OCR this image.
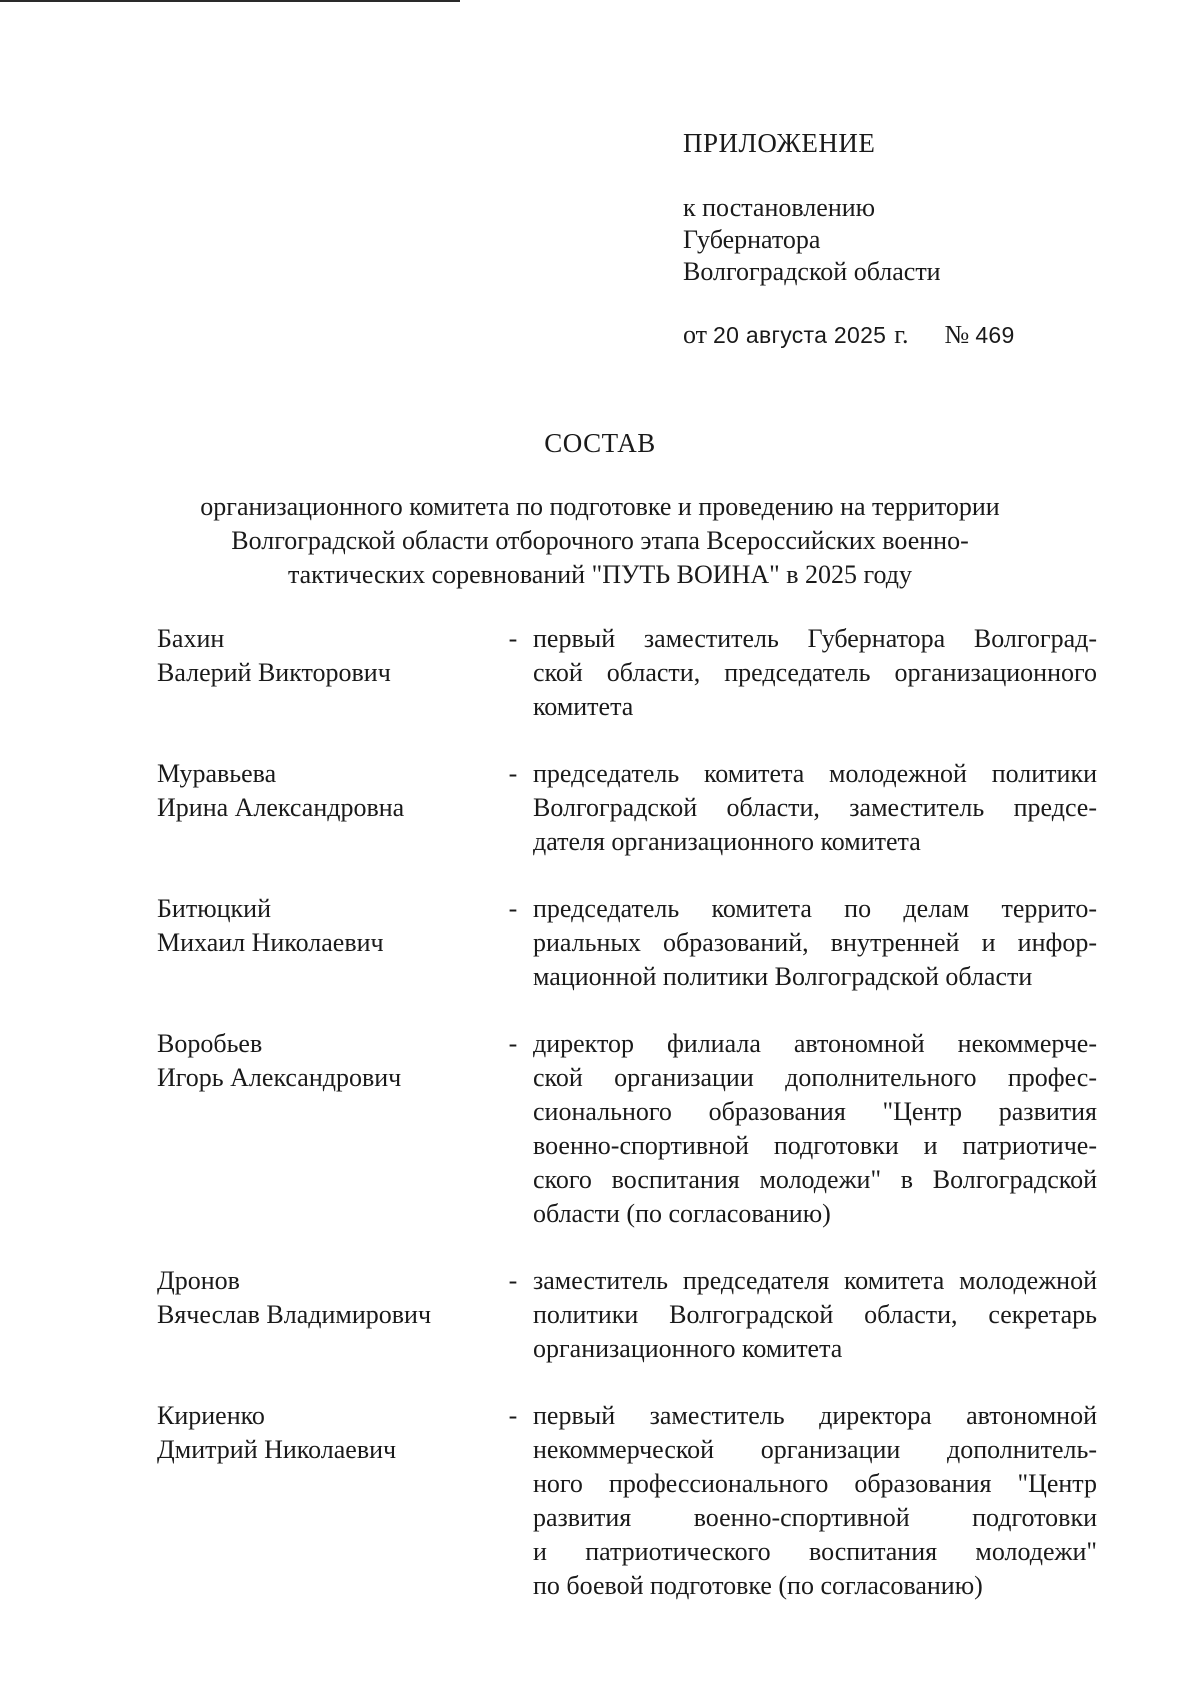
ПРИЛОЖЕНИЕ
к постановлению
Губернатора
Волгоградской области
от 20 августа 2025 г. № 469
СОСТАВ
организационного комитета по подготовке и проведению на территории
Волгоградской области отборочного этапа Всероссийских военно-
тактических соревнований "ПУТЬ ВОИНА" в 2025 году
Бахин
Валерий Викторович
- первый заместитель Губернатора Волгоград-
ской области, председатель организационного
комитета
Муравьева
Ирина Александровна
- председатель комитета молодежной политики
Волгоградской области, заместитель предсе-
дателя организационного комитета
Битюцкий
Михаил Николаевич
- председатель комитета по делам террито-
риальных образований, внутренней и инфор-
мационной политики Волгоградской области
Воробьев
Игорь Александрович
- директор филиала автономной некоммерче-
ской организации дополнительного профес-
сионального образования "Центр развития
военно-спортивной подготовки и патриотиче-
ского воспитания молодежи" в Волгоградской
области (по согласованию)
Дронов
Вячеслав Владимирович
- заместитель председателя комитета молодежной
политики Волгоградской области, секретарь
организационного комитета
Кириенко
Дмитрий Николаевич
- первый заместитель директора автономной
некоммерческой организации дополнитель-
ного профессионального образования "Центр
развития военно-спортивной подготовки
и патриотического воспитания молодежи"
по боевой подготовке (по согласованию)
